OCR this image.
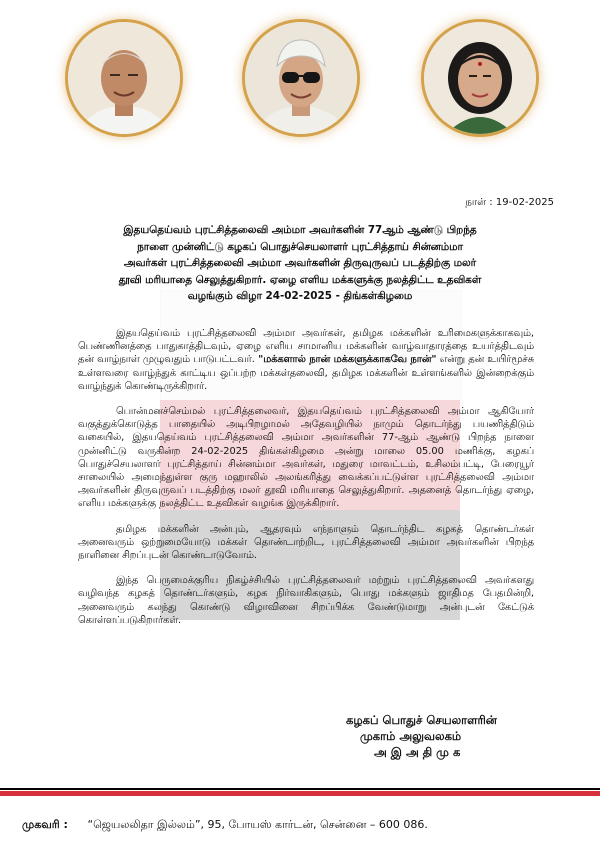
நாள் : 19-02-2025
இதயதெய்வம் புரட்சித்தலைவி அம்மா அவர்களின் 77ஆம் ஆண்டு பிறந்த
நாளை முன்னிட்டு கழகப் பொதுச்செயலாளர் புரட்சித்தாய் சின்னம்மா
அவர்கள் புரட்சித்தலைவி அம்மா அவர்களின் திருவுருவப் படத்திற்கு மலர்
தூவி மரியாதை செலுத்துகிறார். ஏழை எளிய மக்களுக்கு நலத்திட்ட உதவிகள்
வழங்கும் விழா 24-02-2025 - திங்கள்கிழமை

இதயதெய்வம் புரட்சித்தலைவி அம்மா அவர்கள், தமிழக மக்களின் உரிமைகளுக்காகவும், பெண்ணினத்தை பாதுகாத்திடவும், ஏழை எளிய சாமானிய மக்களின் வாழ்வாதாரத்தை உயர்த்திடவும் தன் வாழ்நாள் முழுவதும் பாடுபட்டவர். "மக்களால் நான் மக்களுக்காகவே நான்" என்று தன் உயிர்மூச்சு உள்ளவரை வாழ்ந்துக் காட்டிய ஒப்பற்ற மக்கள்தலைவி, தமிழக மக்களின் உள்ளங்களில் இன்றைக்கும் வாழ்ந்துக் கொண்டிருக்கிறார்.

பொன்மனச்செம்மல் புரட்சித்தலைவர், இதயதெய்வம் புரட்சித்தலைவி அம்மா ஆகியோர் வகுத்துக்கொடுத்த பாதையில் அடிபிறழாமல் அதேவழியில் நாமும் தொடர்ந்து பயணித்திடும் வகையில், இதயதெய்வம் புரட்சித்தலைவி அம்மா அவர்களின் 77-ஆம் ஆண்டு பிறந்த நாளை முன்னிட்டு வருகின்ற 24-02-2025 திங்கள்கிழமை அன்று மாலை 05.00 மணிக்கு, கழகப் பொதுச்செயலாளர் புரட்சித்தாய் சின்னம்மா அவர்கள், மதுரை மாவட்டம், உசிலம்பட்டி, பேரையூர் சாலையில் அமைந்துள்ள குரு மஹாலில் அலங்கரித்து வைக்கப்பட்டுள்ள புரட்சித்தலைவி அம்மா அவர்களின் திருவுருவப் படத்திற்கு மலர் தூவி மரியாதை செலுத்துகிறார். அதனைத் தொடர்ந்து ஏழை, எளிய மக்களுக்கு நலத்திட்ட உதவிகள் வழங்க இருக்கிறார்.

தமிழக மக்களின் அன்பும், ஆதரவும் எந்நாளும் தொடர்ந்திட கழகத் தொண்டர்கள் அனைவரும் ஒற்றுமையோடு மக்கள் தொண்டாற்றிட, புரட்சித்தலைவி அம்மா அவர்களின் பிறந்த நாளினை சிறப்புடன் கொண்டாடுவோம்.

இந்த பெருமைக்குரிய நிகழ்ச்சியில் புரட்சித்தலைவர் மற்றும் புரட்சித்தலைவி அவர்களது வழிவந்த கழகத் தொண்டர்களும், கழக நிர்வாகிகளும், பொது மக்களும் ஜாதிமத பேதமின்றி, அனைவரும் கலந்து கொண்டு விழாவினை சிறப்பிக்க வேண்டுமாறு அன்புடன் கேட்டுக் கொள்ளப்படுகிறார்கள்.

கழகப் பொதுச் செயலாளரின்
முகாம் அலுவலகம்
அ இ அ தி மு க
முகவரி : “ஜெயலலிதா இல்லம்”, 95, போயஸ் கார்டன், சென்னை – 600 086.
